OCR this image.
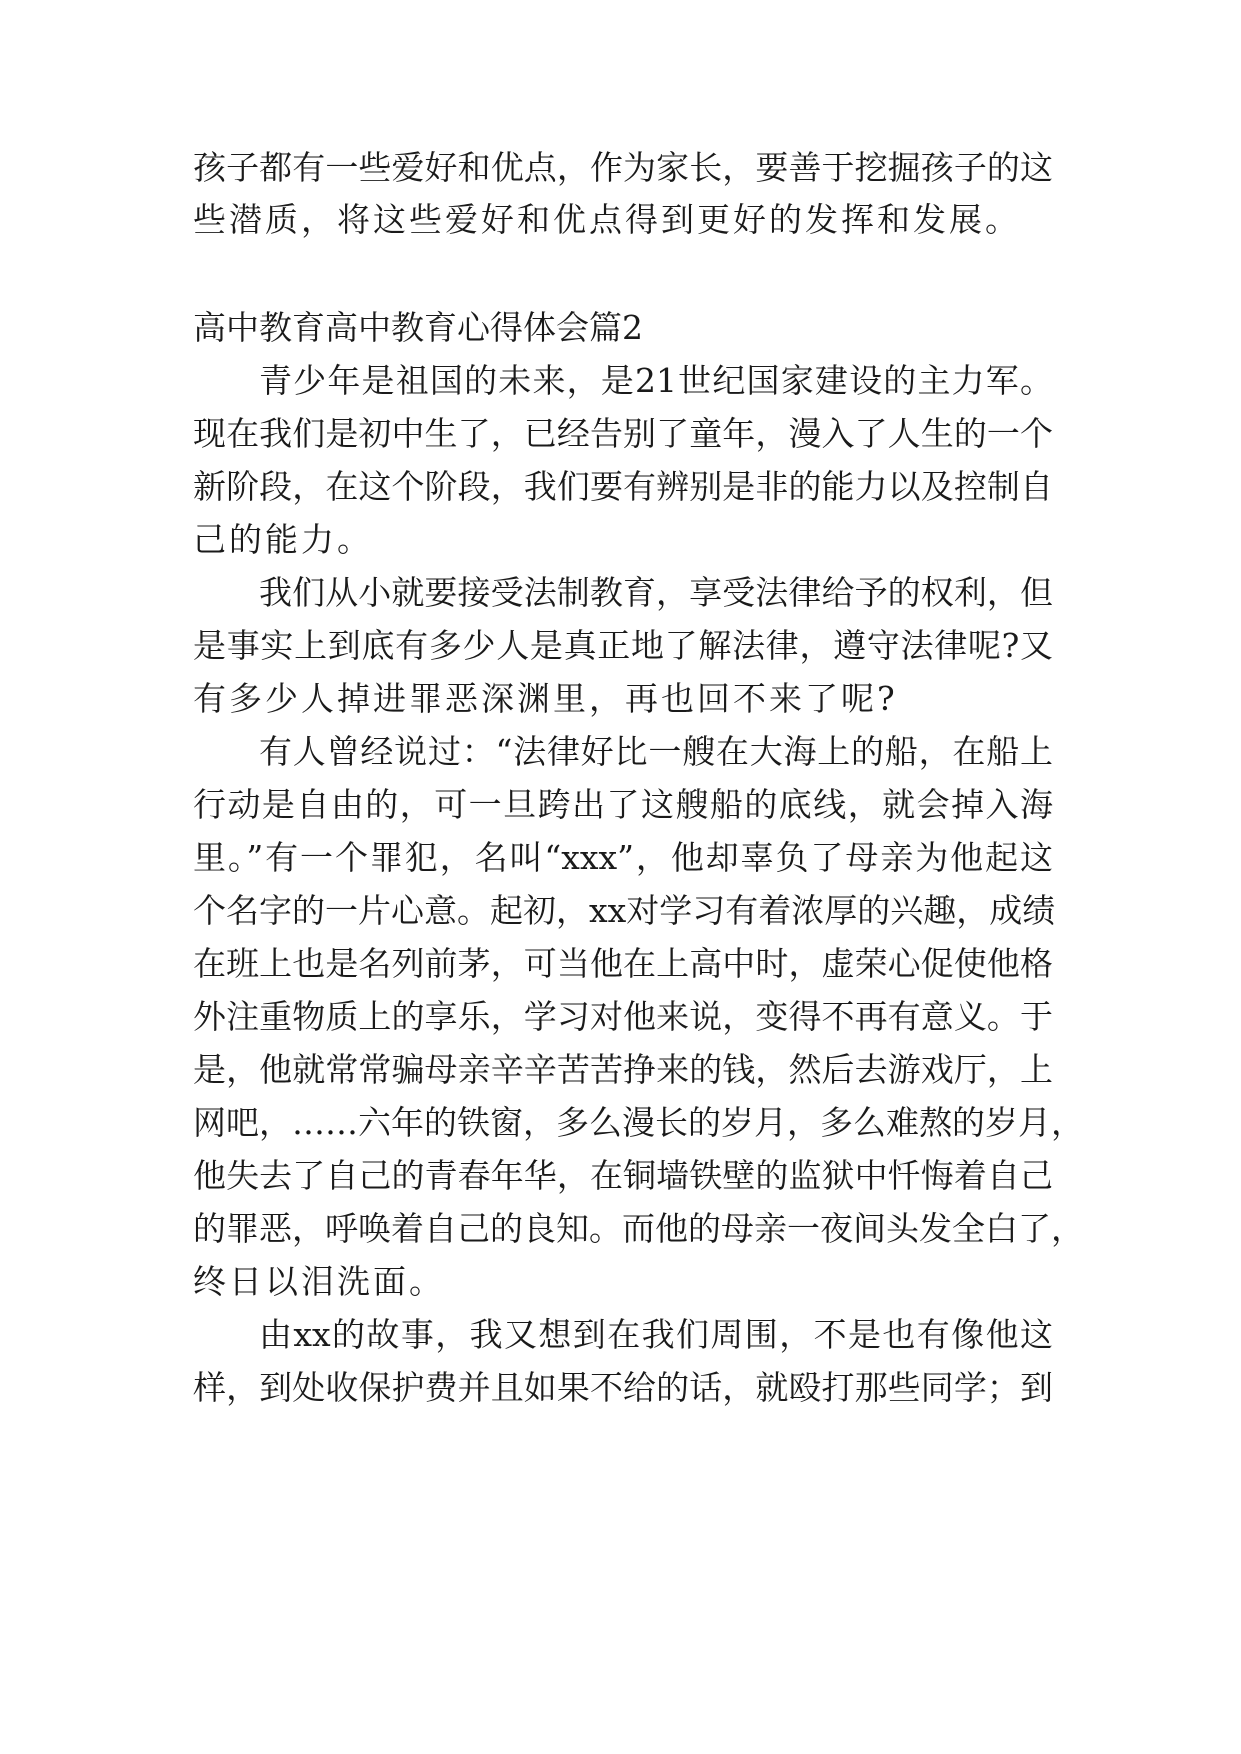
孩子都有一些爱好和优点，作为家长，要善于挖掘孩子的这
些潜质，将这些爱好和优点得到更好的发挥和发展。
高中教育高中教育心得体会篇2
青少年是祖国的未来，是21世纪国家建设的主力军。
现在我们是初中生了，已经告别了童年，漫入了人生的一个
新阶段，在这个阶段，我们要有辨别是非的能力以及控制自
己的能力。
我们从小就要接受法制教育，享受法律给予的权利，但
是事实上到底有多少人是真正地了解法律，遵守法律呢?又
有多少人掉进罪恶深渊里，再也回不来了呢?
有人曾经说过：“法律好比一艘在大海上的船，在船上
行动是自由的，可一旦跨出了这艘船的底线，就会掉入海
里。”有一个罪犯，名叫“xxx”，他却辜负了母亲为他起这
个名字的一片心意。起初，xx对学习有着浓厚的兴趣，成绩
在班上也是名列前茅，可当他在上高中时，虚荣心促使他格
外注重物质上的享乐，学习对他来说，变得不再有意义。于
是，他就常常骗母亲辛辛苦苦挣来的钱，然后去游戏厅，上
网吧，……六年的铁窗，多么漫长的岁月，多么难熬的岁月，
他失去了自己的青春年华，在铜墙铁壁的监狱中忏悔着自己
的罪恶，呼唤着自己的良知。而他的母亲一夜间头发全白了，
终日以泪洗面。
由xx的故事，我又想到在我们周围，不是也有像他这
样，到处收保护费并且如果不给的话，就殴打那些同学；到
